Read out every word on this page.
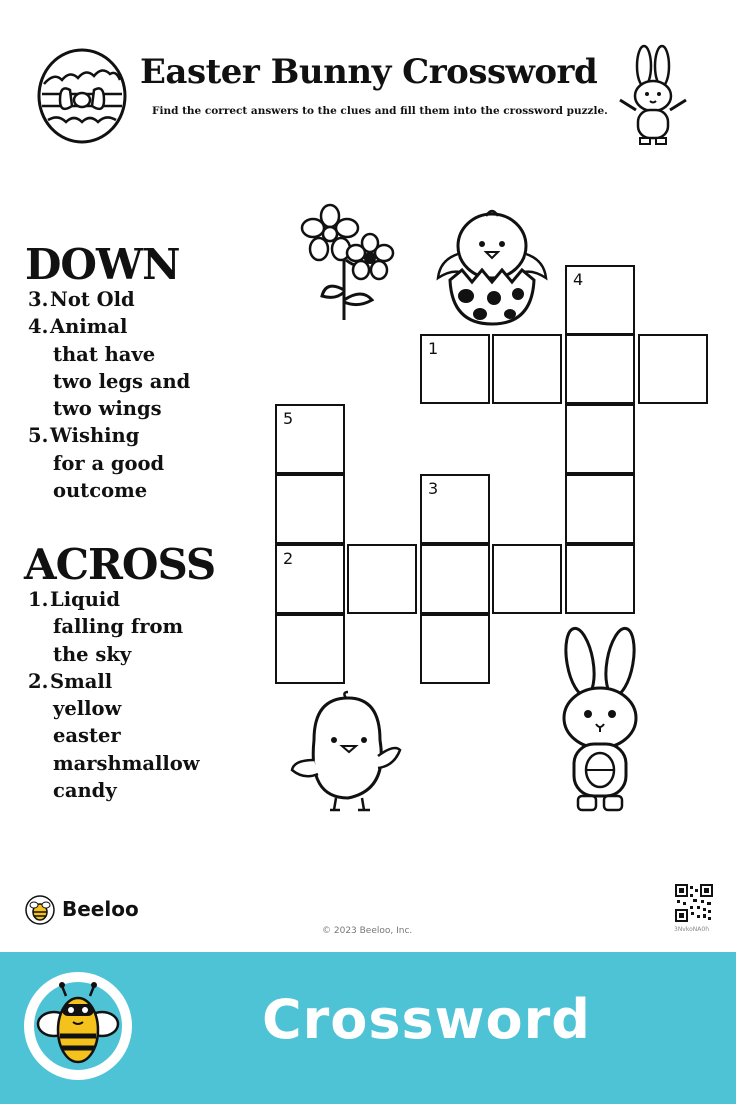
Easter Bunny Crossword
Find the correct answers to the clues and fill them into the crossword puzzle.
DOWN
3.Not Old
4.Animal
that have
two legs and
two wings
5.Wishing
for a good
outcome
ACROSS
1.Liquid
falling from
the sky
2.Small
yellow
easter
marshmallow
candy
4
1
5
3
2
Beeloo
© 2023 Beeloo, Inc.	3NvkoNA0h
Crossword
